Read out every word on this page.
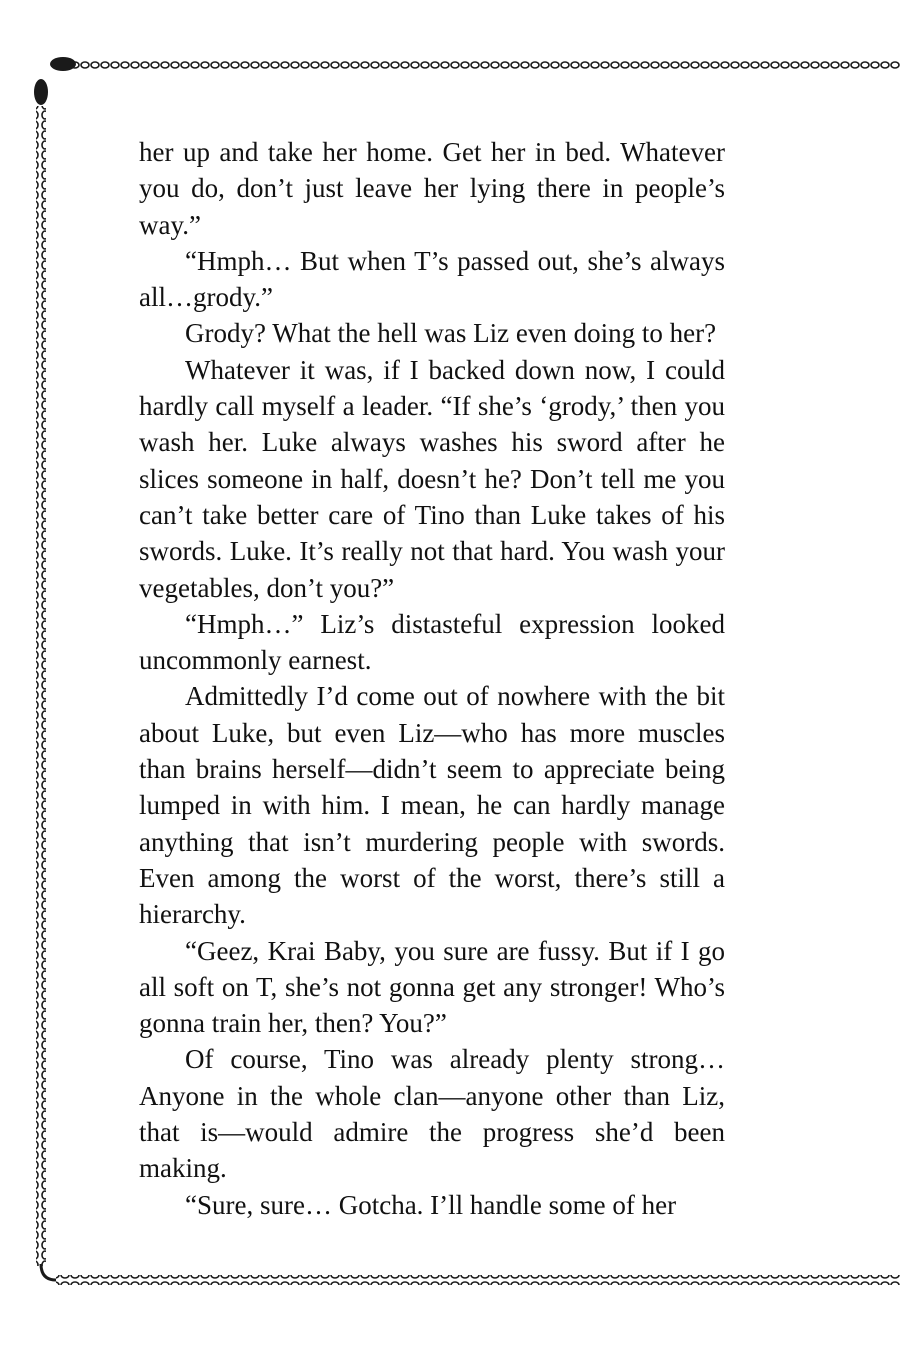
her up and take her home. Get her in bed. Whatever you do, don’t just leave her lying there in people’s way.”

“Hmph… But when T’s passed out, she’s always all…grody.”

Grody? What the hell was Liz even doing to her?

Whatever it was, if I backed down now, I could hardly call myself a leader. “If she’s ‘grody,’ then you wash her. Luke always washes his sword after he slices someone in half, doesn’t he? Don’t tell me you can’t take better care of Tino than Luke takes of his swords. Luke. It’s really not that hard. You wash your vegetables, don’t you?”

“Hmph…” Liz’s distasteful expression looked uncommonly earnest.

Admittedly I’d come out of nowhere with the bit about Luke, but even Liz—who has more muscles than brains herself—didn’t seem to appreciate being lumped in with him. I mean, he can hardly manage anything that isn’t murdering people with swords. Even among the worst of the worst, there’s still a hierarchy.

“Geez, Krai Baby, you sure are fussy. But if I go all soft on T, she’s not gonna get any stronger! Who’s gonna train her, then? You?”

Of course, Tino was already plenty strong… Anyone in the whole clan—anyone other than Liz, that is—would admire the progress she’d been making.

“Sure, sure… Gotcha. I’ll handle some of her
